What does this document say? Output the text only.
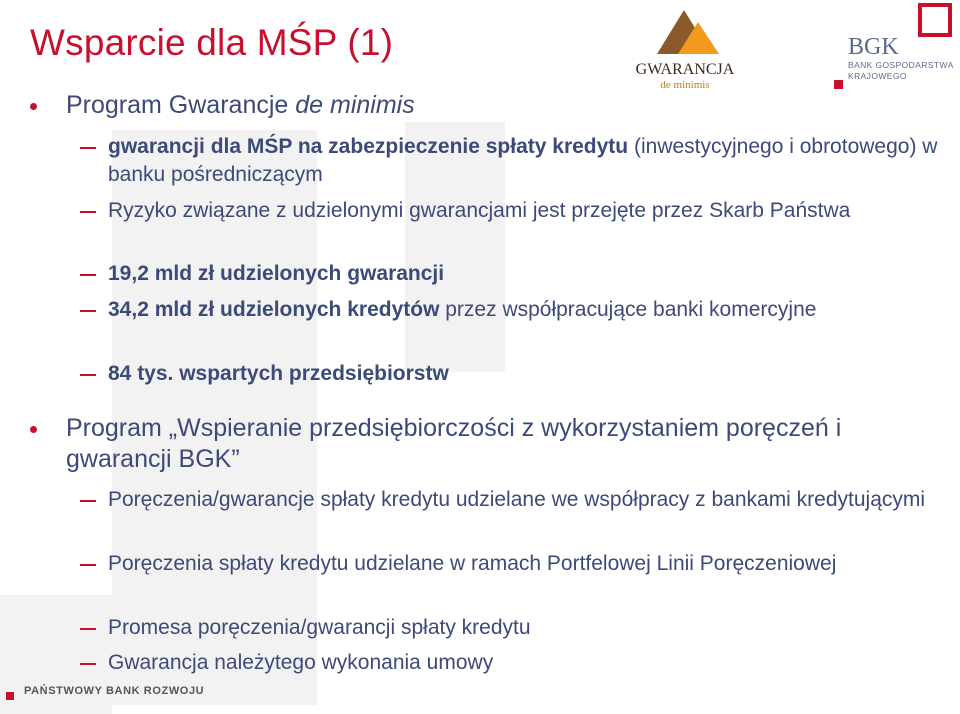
Wsparcie dla MŚP (1)
GWARANCJA
de minimis
BGK
BANK GOSPODARSTWA
KRAJOWEGO
Program Gwarancje de minimis
gwarancji dla MŚP na zabezpieczenie spłaty kredytu (inwestycyjnego i obrotowego) w banku pośredniczącym
Ryzyko związane z udzielonymi gwarancjami jest przejęte przez Skarb Państwa
19,2 mld zł udzielonych gwarancji
34,2 mld zł udzielonych kredytów przez współpracujące banki komercyjne
84 tys. wspartych przedsiębiorstw
Program „Wspieranie przedsiębiorczości z wykorzystaniem poręczeń i gwarancji BGK”
Poręczenia/gwarancje spłaty kredytu udzielane we współpracy z bankami kredytującymi
Poręczenia spłaty kredytu udzielane w ramach Portfelowej Linii Poręczeniowej
Promesa poręczenia/gwarancji spłaty kredytu
Gwarancja należytego wykonania umowy
PAŃSTWOWY BANK ROZWOJU
